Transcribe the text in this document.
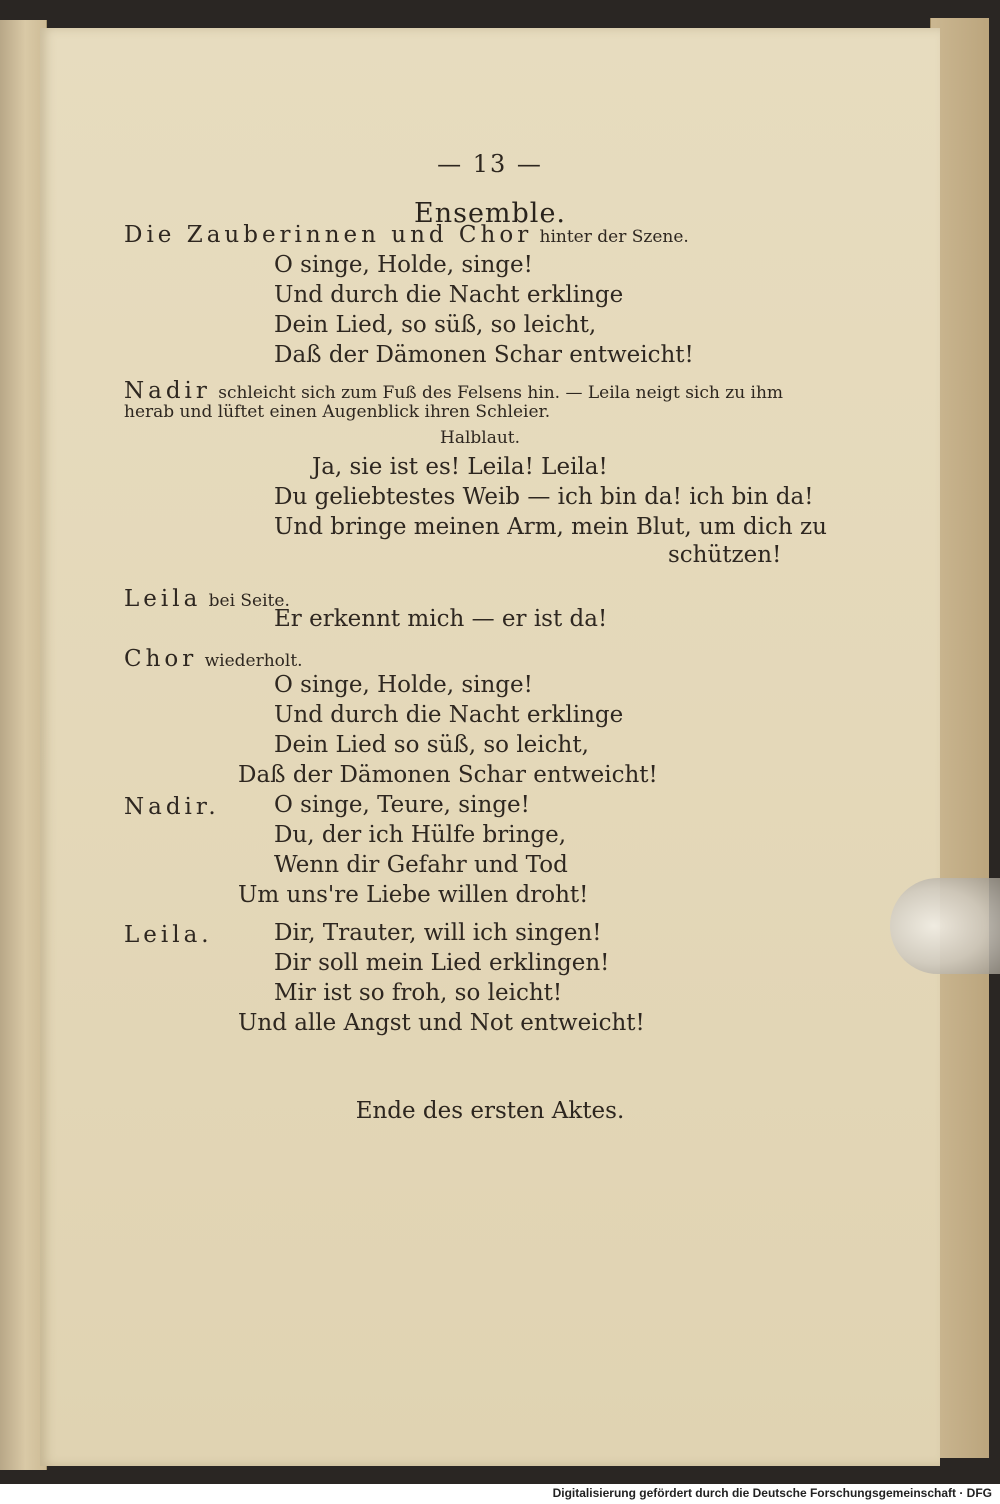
— 13 —
Ensemble.
Die Zauberinnen und Chor hinter der Szene.
O singe, Holde, singe!
Und durch die Nacht erklinge
Dein Lied, so süß, so leicht,
Daß der Dämonen Schar entweicht!
Nadir schleicht sich zum Fuß des Felsens hin. — Leila neigt sich zu ihm
herab und lüftet einen Augenblick ihren Schleier.
Halblaut.
Ja, sie ist es! Leila! Leila!
Du geliebtestes Weib — ich bin da! ich bin da!
Und bringe meinen Arm, mein Blut, um dich zu
schützen!
Leila bei Seite.
Er erkennt mich — er ist da!
Chor wiederholt.
O singe, Holde, singe!
Und durch die Nacht erklinge
Dein Lied so süß, so leicht,
Daß der Dämonen Schar entweicht!
Nadir. O singe, Teure, singe!
Du, der ich Hülfe bringe,
Wenn dir Gefahr und Tod
Um uns're Liebe willen droht!
Leila.	Dir, Trauter, will ich singen!
Dir soll mein Lied erklingen!
Mir ist so froh, so leicht!
Und alle Angst und Not entweicht!
Ende des ersten Aktes.
Digitalisierung gefördert durch die Deutsche Forschungsgemeinschaft · DFG
